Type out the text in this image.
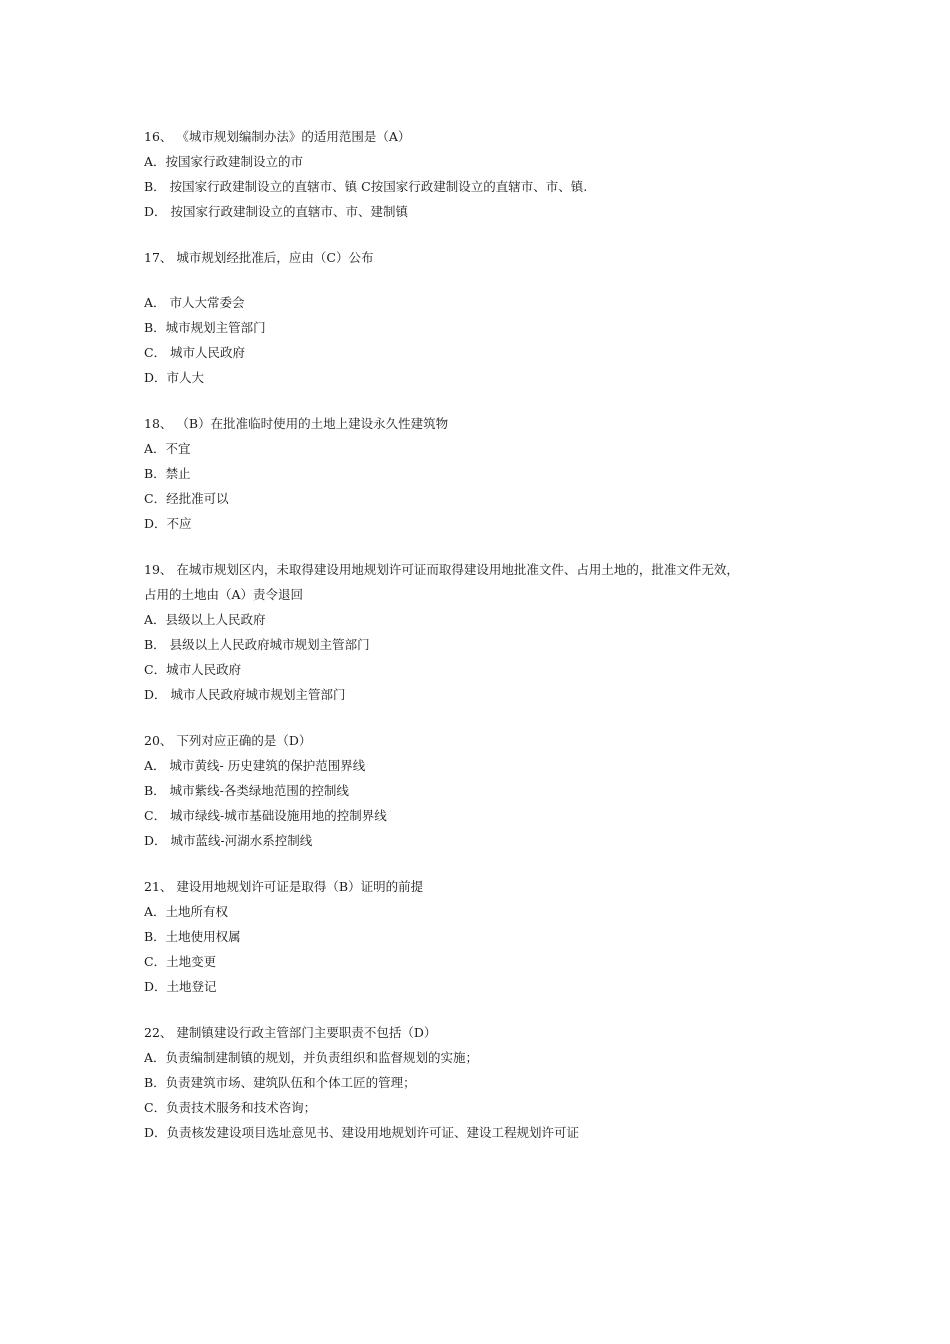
16、 《城市规划编制办法》的适用范围是（A）
A．按国家行政建制设立的市
B． 按国家行政建制设立的直辖市、镇 C按国家行政建制设立的直辖市、市、镇.
D． 按国家行政建制设立的直辖市、市、建制镇
17、 城市规划经批准后，应由（C）公布
A． 市人大常委会
B．城市规划主管部门
C． 城市人民政府
D．市人大
18、 （B）在批准临时使用的土地上建设永久性建筑物
A．不宜
B．禁止
C．经批准可以
D．不应
19、 在城市规划区内，未取得建设用地规划许可证而取得建设用地批准文件、占用土地的，批准文件无效，
占用的土地由（A）责令退回
A．县级以上人民政府
B． 县级以上人民政府城市规划主管部门
C．城市人民政府
D． 城市人民政府城市规划主管部门
20、 下列对应正确的是（D）
A． 城市黄线- 历史建筑的保护范围界线
B． 城市紫线-各类绿地范围的控制线
C． 城市绿线-城市基础设施用地的控制界线
D． 城市蓝线-河湖水系控制线
21、 建设用地规划许可证是取得（B）证明的前提
A．土地所有权
B．土地使用权属
C．土地变更
D．土地登记
22、 建制镇建设行政主管部门主要职责不包括（D）
A．负责编制建制镇的规划，并负责组织和监督规划的实施；
B．负责建筑市场、建筑队伍和个体工匠的管理；
C．负责技术服务和技术咨询；
D．负责核发建设项目选址意见书、建设用地规划许可证、建设工程规划许可证
